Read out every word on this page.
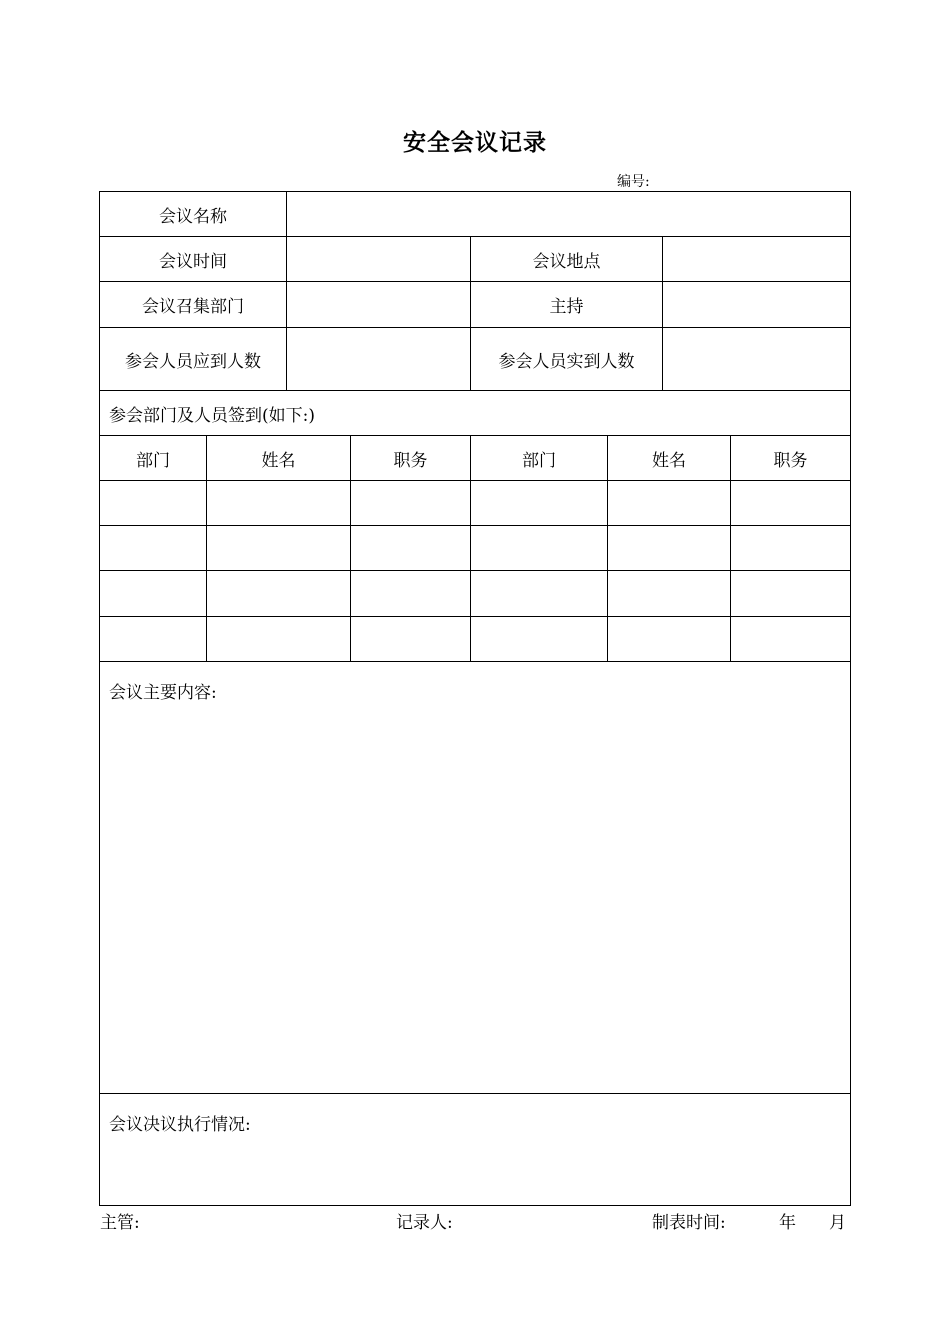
安全会议记录
编号:
会议名称
会议时间	会议地点
会议召集部门	主持
参会人员应到人数	参会人员实到人数
参会部门及人员签到(如下:)
部门	姓名	职务	部门	姓名	职务
会议主要内容:
会议决议执行情况:
主管:	记录人:	制表时间:	年 月
